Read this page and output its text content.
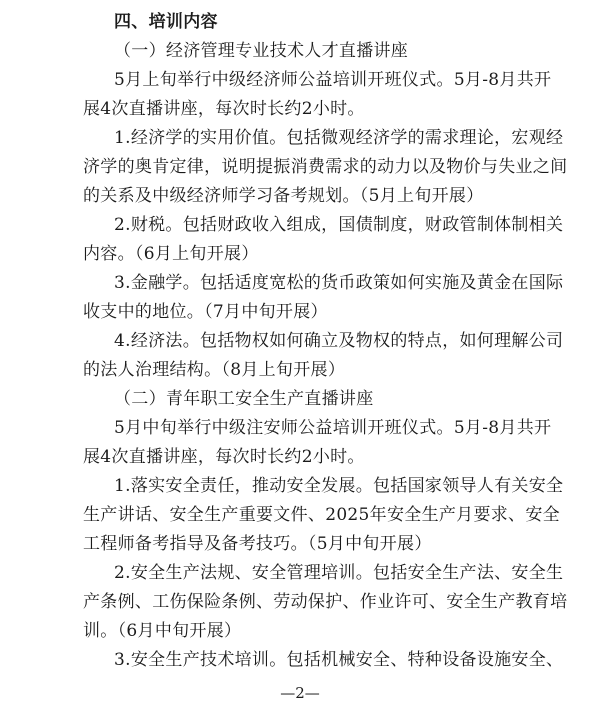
四、培训内容
（一）经济管理专业技术人才直播讲座
5月上旬举行中级经济师公益培训开班仪式。5月-8月共开
展4次直播讲座，每次时长约2小时。
1.经济学的实用价值。包括微观经济学的需求理论，宏观经
济学的奥肯定律，说明提振消费需求的动力以及物价与失业之间
的关系及中级经济师学习备考规划。（5月上旬开展）
2.财税。包括财政收入组成，国债制度，财政管制体制相关
内容。（6月上旬开展）
3.金融学。包括适度宽松的货币政策如何实施及黄金在国际
收支中的地位。（7月中旬开展）
4.经济法。包括物权如何确立及物权的特点，如何理解公司
的法人治理结构。（8月上旬开展）
（二）青年职工安全生产直播讲座
5月中旬举行中级注安师公益培训开班仪式。5月-8月共开
展4次直播讲座，每次时长约2小时。
1.落实安全责任，推动安全发展。包括国家领导人有关安全
生产讲话、安全生产重要文件、2025年安全生产月要求、安全
工程师备考指导及备考技巧。（5月中旬开展）
2.安全生产法规、安全管理培训。包括安全生产法、安全生
产条例、工伤保险条例、劳动保护、作业许可、安全生产教育培
训。（6月中旬开展）
3.安全生产技术培训。包括机械安全、特种设备设施安全、
—2—
